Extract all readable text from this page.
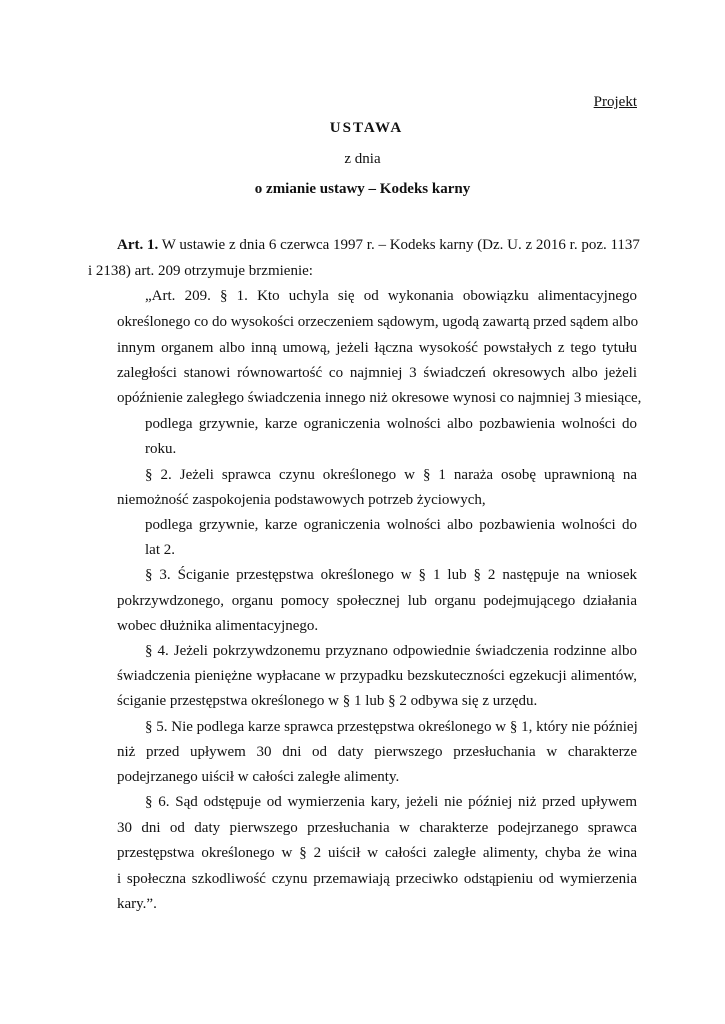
Projekt

USTAWA

z dnia

o zmianie ustawy – Kodeks karny

Art. 1. W ustawie z dnia 6 czerwca 1997 r. – Kodeks karny (Dz. U. z 2016 r. poz. 1137

i 2138) art. 209 otrzymuje brzmienie:

„Art. 209. § 1. Kto uchyla się od wykonania obowiązku alimentacyjnego

określonego co do wysokości orzeczeniem sądowym, ugodą zawartą przed sądem albo

innym organem albo inną umową, jeżeli łączna wysokość powstałych z tego tytułu

zaległości stanowi równowartość co najmniej 3 świadczeń okresowych albo jeżeli

opóźnienie zaległego świadczenia innego niż okresowe wynosi co najmniej 3 miesiące,

podlega grzywnie, karze ograniczenia wolności albo pozbawienia wolności do

roku.

§ 2. Jeżeli sprawca czynu określonego w § 1 naraża osobę uprawnioną na

niemożność zaspokojenia podstawowych potrzeb życiowych,

podlega grzywnie, karze ograniczenia wolności albo pozbawienia wolności do

lat 2.

§ 3. Ściganie przestępstwa określonego w § 1 lub § 2 następuje na wniosek

pokrzywdzonego, organu pomocy społecznej lub organu podejmującego działania

wobec dłużnika alimentacyjnego.

§ 4. Jeżeli pokrzywdzonemu przyznano odpowiednie świadczenia rodzinne albo

świadczenia pieniężne wypłacane w przypadku bezskuteczności egzekucji alimentów,

ściganie przestępstwa określonego w § 1 lub § 2 odbywa się z urzędu.

§ 5. Nie podlega karze sprawca przestępstwa określonego w § 1, który nie później

niż przed upływem 30 dni od daty pierwszego przesłuchania w charakterze

podejrzanego uiścił w całości zaległe alimenty.

§ 6. Sąd odstępuje od wymierzenia kary, jeżeli nie później niż przed upływem

30 dni od daty pierwszego przesłuchania w charakterze podejrzanego sprawca

przestępstwa określonego w § 2 uiścił w całości zaległe alimenty, chyba że wina

i społeczna szkodliwość czynu przemawiają przeciwko odstąpieniu od wymierzenia

kary.”.
